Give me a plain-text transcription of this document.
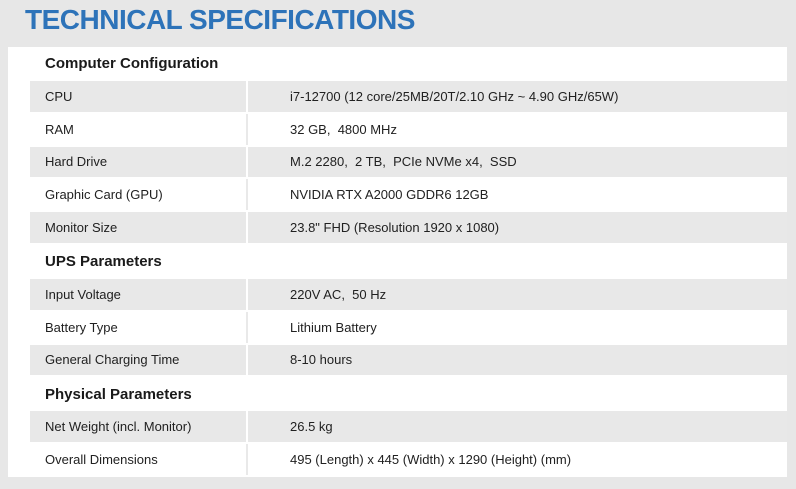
TECHNICAL SPECIFICATIONS
Computer Configuration
CPU	i7-12700 (12 core/25MB/20T/2.10 GHz ~ 4.90 GHz/65W)
RAM	32 GB,  4800 MHz
Hard Drive	M.2 2280,  2 TB,  PCIe NVMe x4,  SSD
Graphic Card (GPU)	NVIDIA RTX A2000 GDDR6 12GB
Monitor Size	23.8" FHD (Resolution 1920 x 1080)
UPS Parameters
Input Voltage	220V AC,  50 Hz
Battery Type	Lithium Battery
General Charging Time	8-10 hours
Physical Parameters
Net Weight (incl. Monitor)	26.5 kg
Overall Dimensions	495 (Length) x 445 (Width) x 1290 (Height) (mm)
